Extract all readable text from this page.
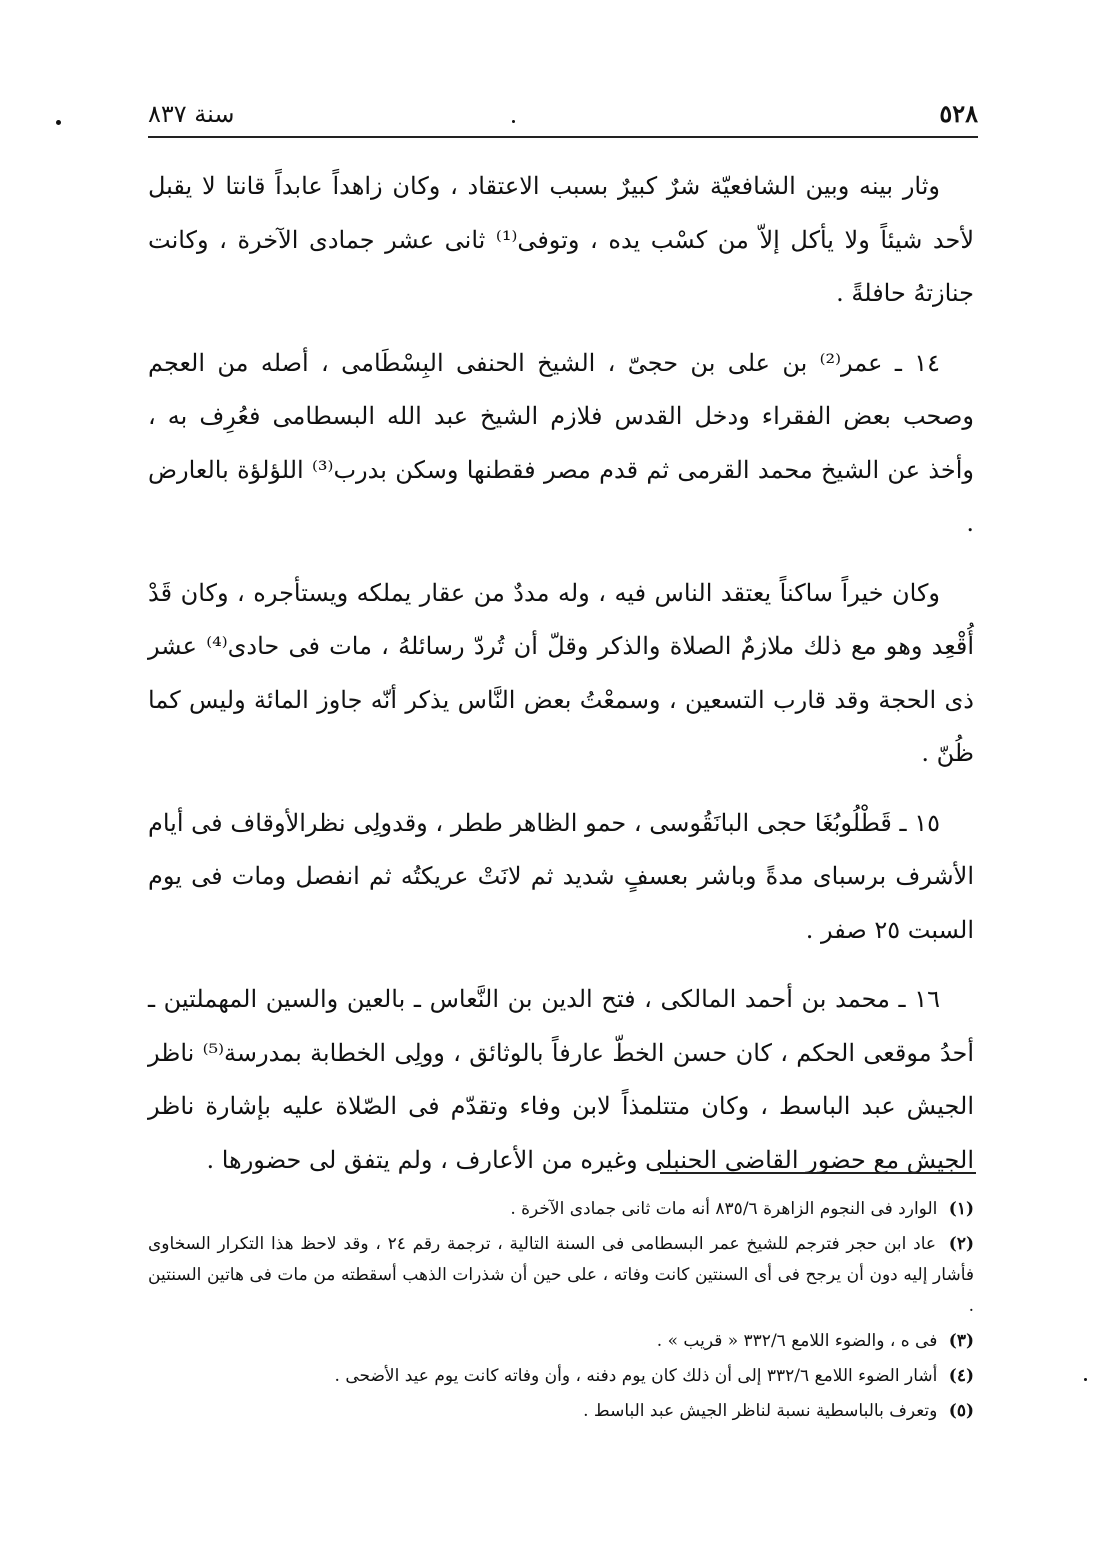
٥٢٨
سنة ٨٣٧

وثار بينه وبين الشافعيّة شرٌ كبيرٌ بسبب الاعتقاد ، وكان زاهداً عابداً قانتا لا يقبل لأحد شيئاً ولا يأكل إلاّ من كسْب يده ، وتوفى⁽¹⁾ ثانى عشر جمادى الآخرة ، وكانت جنازتهُ حافلةً .

١٤ ـ عمر⁽²⁾ بن على بن حجىّ ، الشيخ الحنفى البِسْطَامى ، أصله من العجم وصحب بعض الفقراء ودخل القدس فلازم الشيخ عبد الله البسطامى فعُرِف به ، وأخذ عن الشيخ محمد القرمى ثم قدم مصر فقطنها وسكن بدرب⁽³⁾ اللؤلؤة بالعارض .

وكان خيراً ساكناً يعتقد الناس فيه ، وله مددٌ من عقار يملكه ويستأجره ، وكان قَدْ أُقْعِد وهو مع ذلك ملازمٌ الصلاة والذكر وقلّ أن تُردّ رسائلهُ ، مات فى حادى⁽⁴⁾ عشر ذى الحجة وقد قارب التسعين ، وسمعْتُ بعض النَّاس يذكر أنّه جاوز المائة وليس كما ظُنّ .

١٥ ـ قَطْلُوبُغَا حجى البانَقُوسى ، حمو الظاهر ططر ، وقدولِى نظرالأوقاف فى أيام الأشرف برسباى مدةً وباشر بعسفٍ شديد ثم لانَتْ عريكتُه ثم انفصل ومات فى يوم السبت ٢٥ صفر .

١٦ ـ محمد بن أحمد المالكى ، فتح الدين بن النَّعاس ـ بالعين والسين المهملتين ـ أحدُ موقعى الحكم ، كان حسن الخطّ عارفاً بالوثائق ، وولِى الخطابة بمدرسة⁽⁵⁾ ناظر الجيش عبد الباسط ، وكان متتلمذاً لابن وفاء وتقدّم فى الصّلاة عليه بإشارة ناظر الجيش مع حضور القاضى الحنبلى وغيره من الأعارف ، ولم يتفق لى حضورها .

(١) الوارد فى النجوم الزاهرة ٨٣٥/٦ أنه مات ثانى جمادى الآخرة .

(٢) عاد ابن حجر فترجم للشيخ عمر البسطامى فى السنة التالية ، ترجمة رقم ٢٤ ، وقد لاحظ هذا التكرار السخاوى فأشار إليه دون أن يرجح فى أى السنتين كانت وفاته ، على حين أن شذرات الذهب أسقطته من مات فى هاتين السنتين .

(٣) فى ه ، والضوء اللامع ٣٣٢/٦ « قريب » .

(٤) أشار الضوء اللامع ٣٣٢/٦ إلى أن ذلك كان يوم دفنه ، وأن وفاته كانت يوم عيد الأضحى .

(٥) وتعرف بالباسطية نسبة لناظر الجيش عبد الباسط .
